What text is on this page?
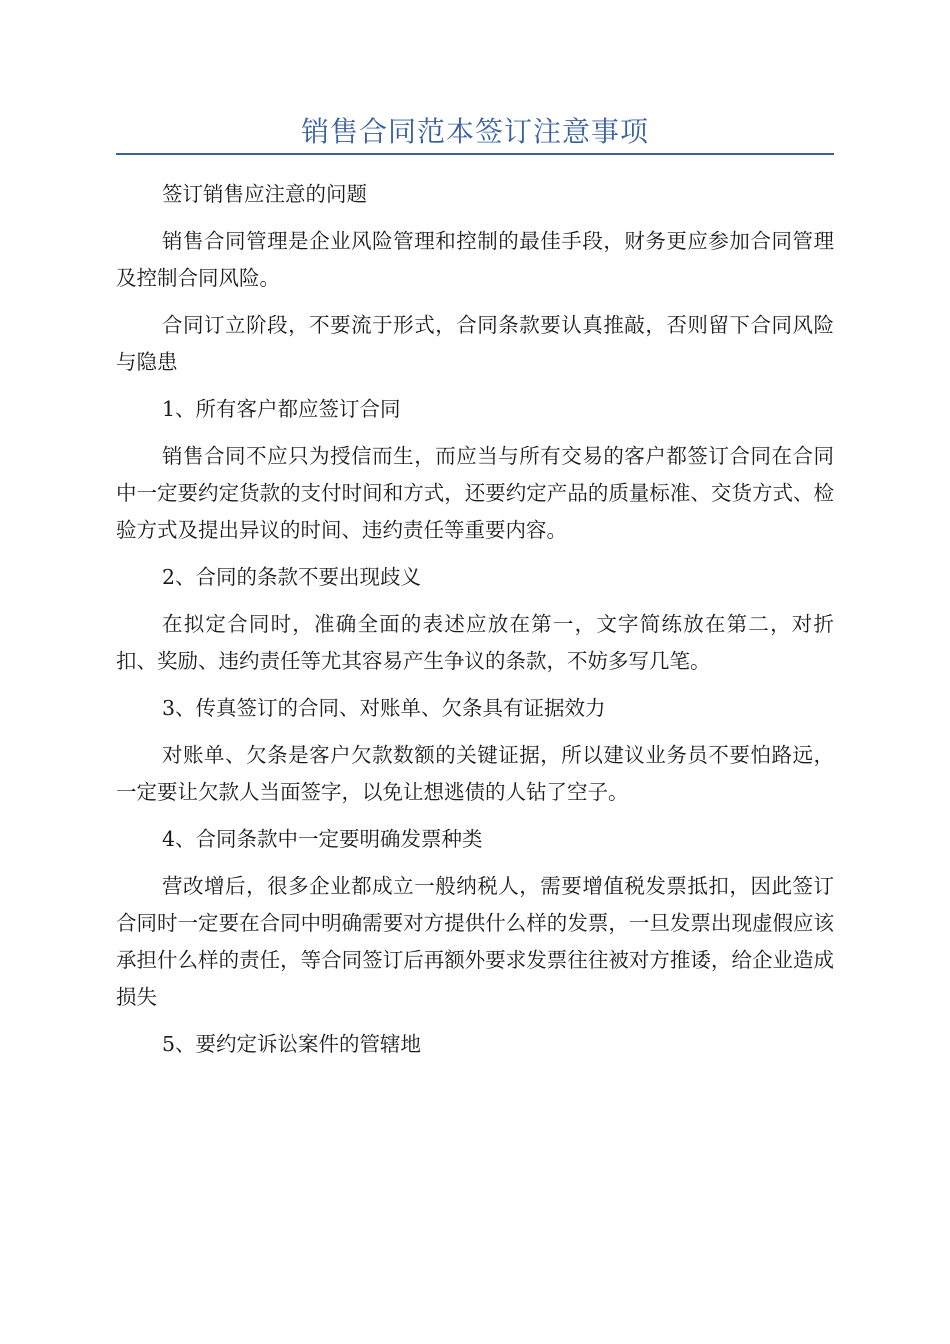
销售合同范本签订注意事项

签订销售应注意的问题

销售合同管理是企业风险管理和控制的最佳手段，财务更应参加合同管理及控制合同风险。

合同订立阶段，不要流于形式，合同条款要认真推敲，否则留下合同风险与隐患

1、所有客户都应签订合同

销售合同不应只为授信而生，而应当与所有交易的客户都签订合同在合同中一定要约定货款的支付时间和方式，还要约定产品的质量标准、交货方式、检验方式及提出异议的时间、违约责任等重要内容。

2、合同的条款不要出现歧义

在拟定合同时，准确全面的表述应放在第一，文字简练放在第二，对折扣、奖励、违约责任等尤其容易产生争议的条款，不妨多写几笔。

3、传真签订的合同、对账单、欠条具有证据效力

对账单、欠条是客户欠款数额的关键证据，所以建议业务员不要怕路远，一定要让欠款人当面签字，以免让想逃债的人钻了空子。

4、合同条款中一定要明确发票种类

营改增后，很多企业都成立一般纳税人，需要增值税发票抵扣，因此签订合同时一定要在合同中明确需要对方提供什么样的发票，一旦发票出现虚假应该承担什么样的责任，等合同签订后再额外要求发票往往被对方推诿，给企业造成损失

5、要约定诉讼案件的管辖地
